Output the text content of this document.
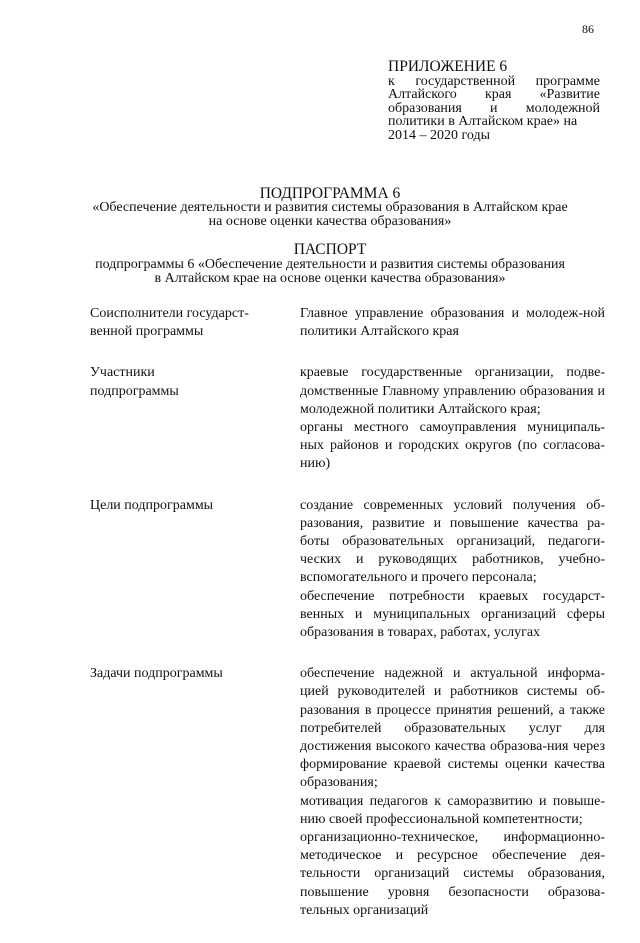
86
ПРИЛОЖЕНИЕ 6
к государственной программе
Алтайского края «Развитие
образования и молодежной
политики в Алтайском крае» на
2014 – 2020 годы
ПОДПРОГРАММА 6
«Обеспечение деятельности и развития системы образования в Алтайском крае
на основе оценки качества образования»
ПАСПОРТ
подпрограммы 6 «Обеспечение деятельности и развития системы образования
в Алтайском крае на основе оценки качества образования»
Соисполнители государст-
венной программы

Главное управление образования и молодеж-ной политики Алтайского края

Участники
подпрограммы

краевые государственные организации, подве-домственные Главному управлению образования и молодежной политики Алтайского края;

органы местного самоуправления муниципаль-ных районов и городских округов (по согласова-нию)

Цели подпрограммы	создание современных условий получения об-разования, развитие и повышение качества ра-боты образовательных организаций, педагоги-ческих и руководящих работников, учебно-вспомогательного и прочего персонала;

обеспечение потребности краевых государст-венных и муниципальных организаций сферы образования в товарах, работах, услугах

Задачи подпрограммы	обеспечение надежной и актуальной информа-цией руководителей и работников системы об-разования в процессе принятия решений, а также потребителей образовательных услуг для достижения высокого качества образова-ния через формирование краевой системы оценки качества образования;

мотивация педагогов к саморазвитию и повыше-нию своей профессиональной компетентности;

организационно-техническое, информационно-методическое и ресурсное обеспечение дея-тельности организаций системы образования, повышение уровня безопасности образова-тельных организаций
